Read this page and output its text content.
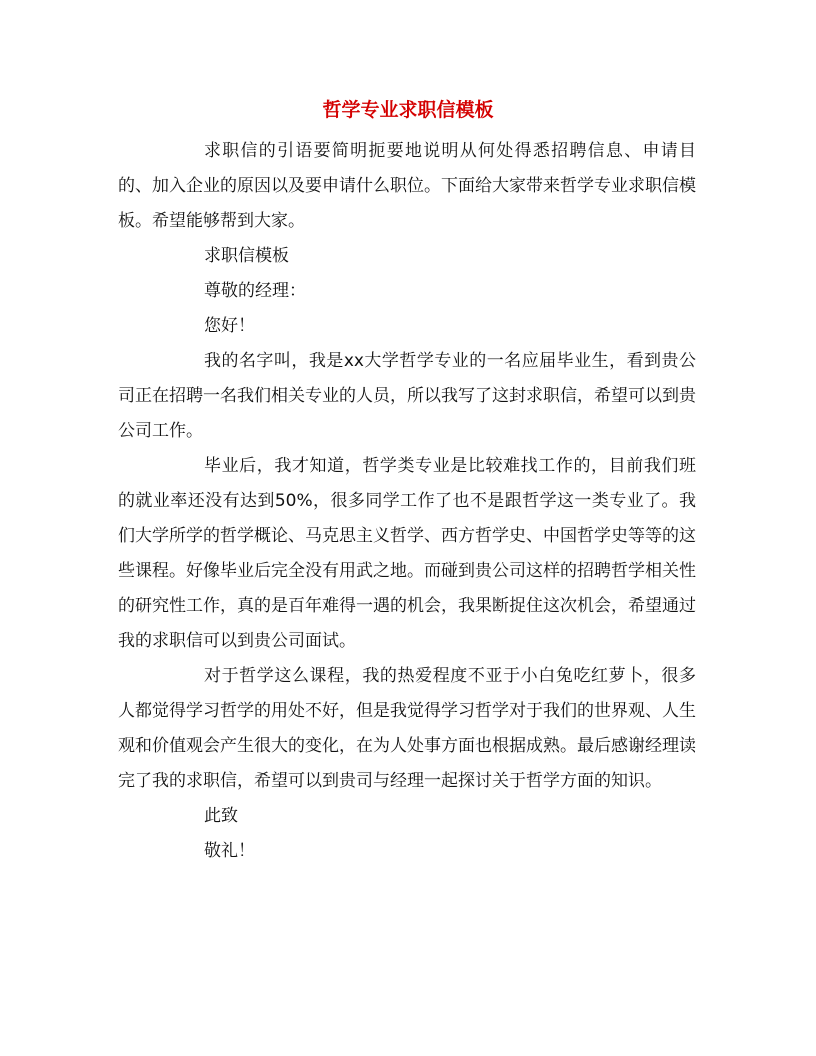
哲学专业求职信模板

求职信的引语要简明扼要地说明从何处得悉招聘信息、申请目的、加入企业的原因以及要申请什么职位。下面给大家带来哲学专业求职信模板。希望能够帮到大家。

求职信模板

尊敬的经理：

您好！

我的名字叫，我是xx大学哲学专业的一名应届毕业生，看到贵公司正在招聘一名我们相关专业的人员，所以我写了这封求职信，希望可以到贵公司工作。

毕业后，我才知道，哲学类专业是比较难找工作的，目前我们班的就业率还没有达到50%，很多同学工作了也不是跟哲学这一类专业了。我们大学所学的哲学概论、马克思主义哲学、西方哲学史、中国哲学史等等的这些课程。好像毕业后完全没有用武之地。而碰到贵公司这样的招聘哲学相关性的研究性工作，真的是百年难得一遇的机会，我果断捉住这次机会，希望通过我的求职信可以到贵公司面试。

对于哲学这么课程，我的热爱程度不亚于小白兔吃红萝卜，很多人都觉得学习哲学的用处不好，但是我觉得学习哲学对于我们的世界观、人生观和价值观会产生很大的变化，在为人处事方面也根据成熟。最后感谢经理读完了我的求职信，希望可以到贵司与经理一起探讨关于哲学方面的知识。

此致

敬礼！
